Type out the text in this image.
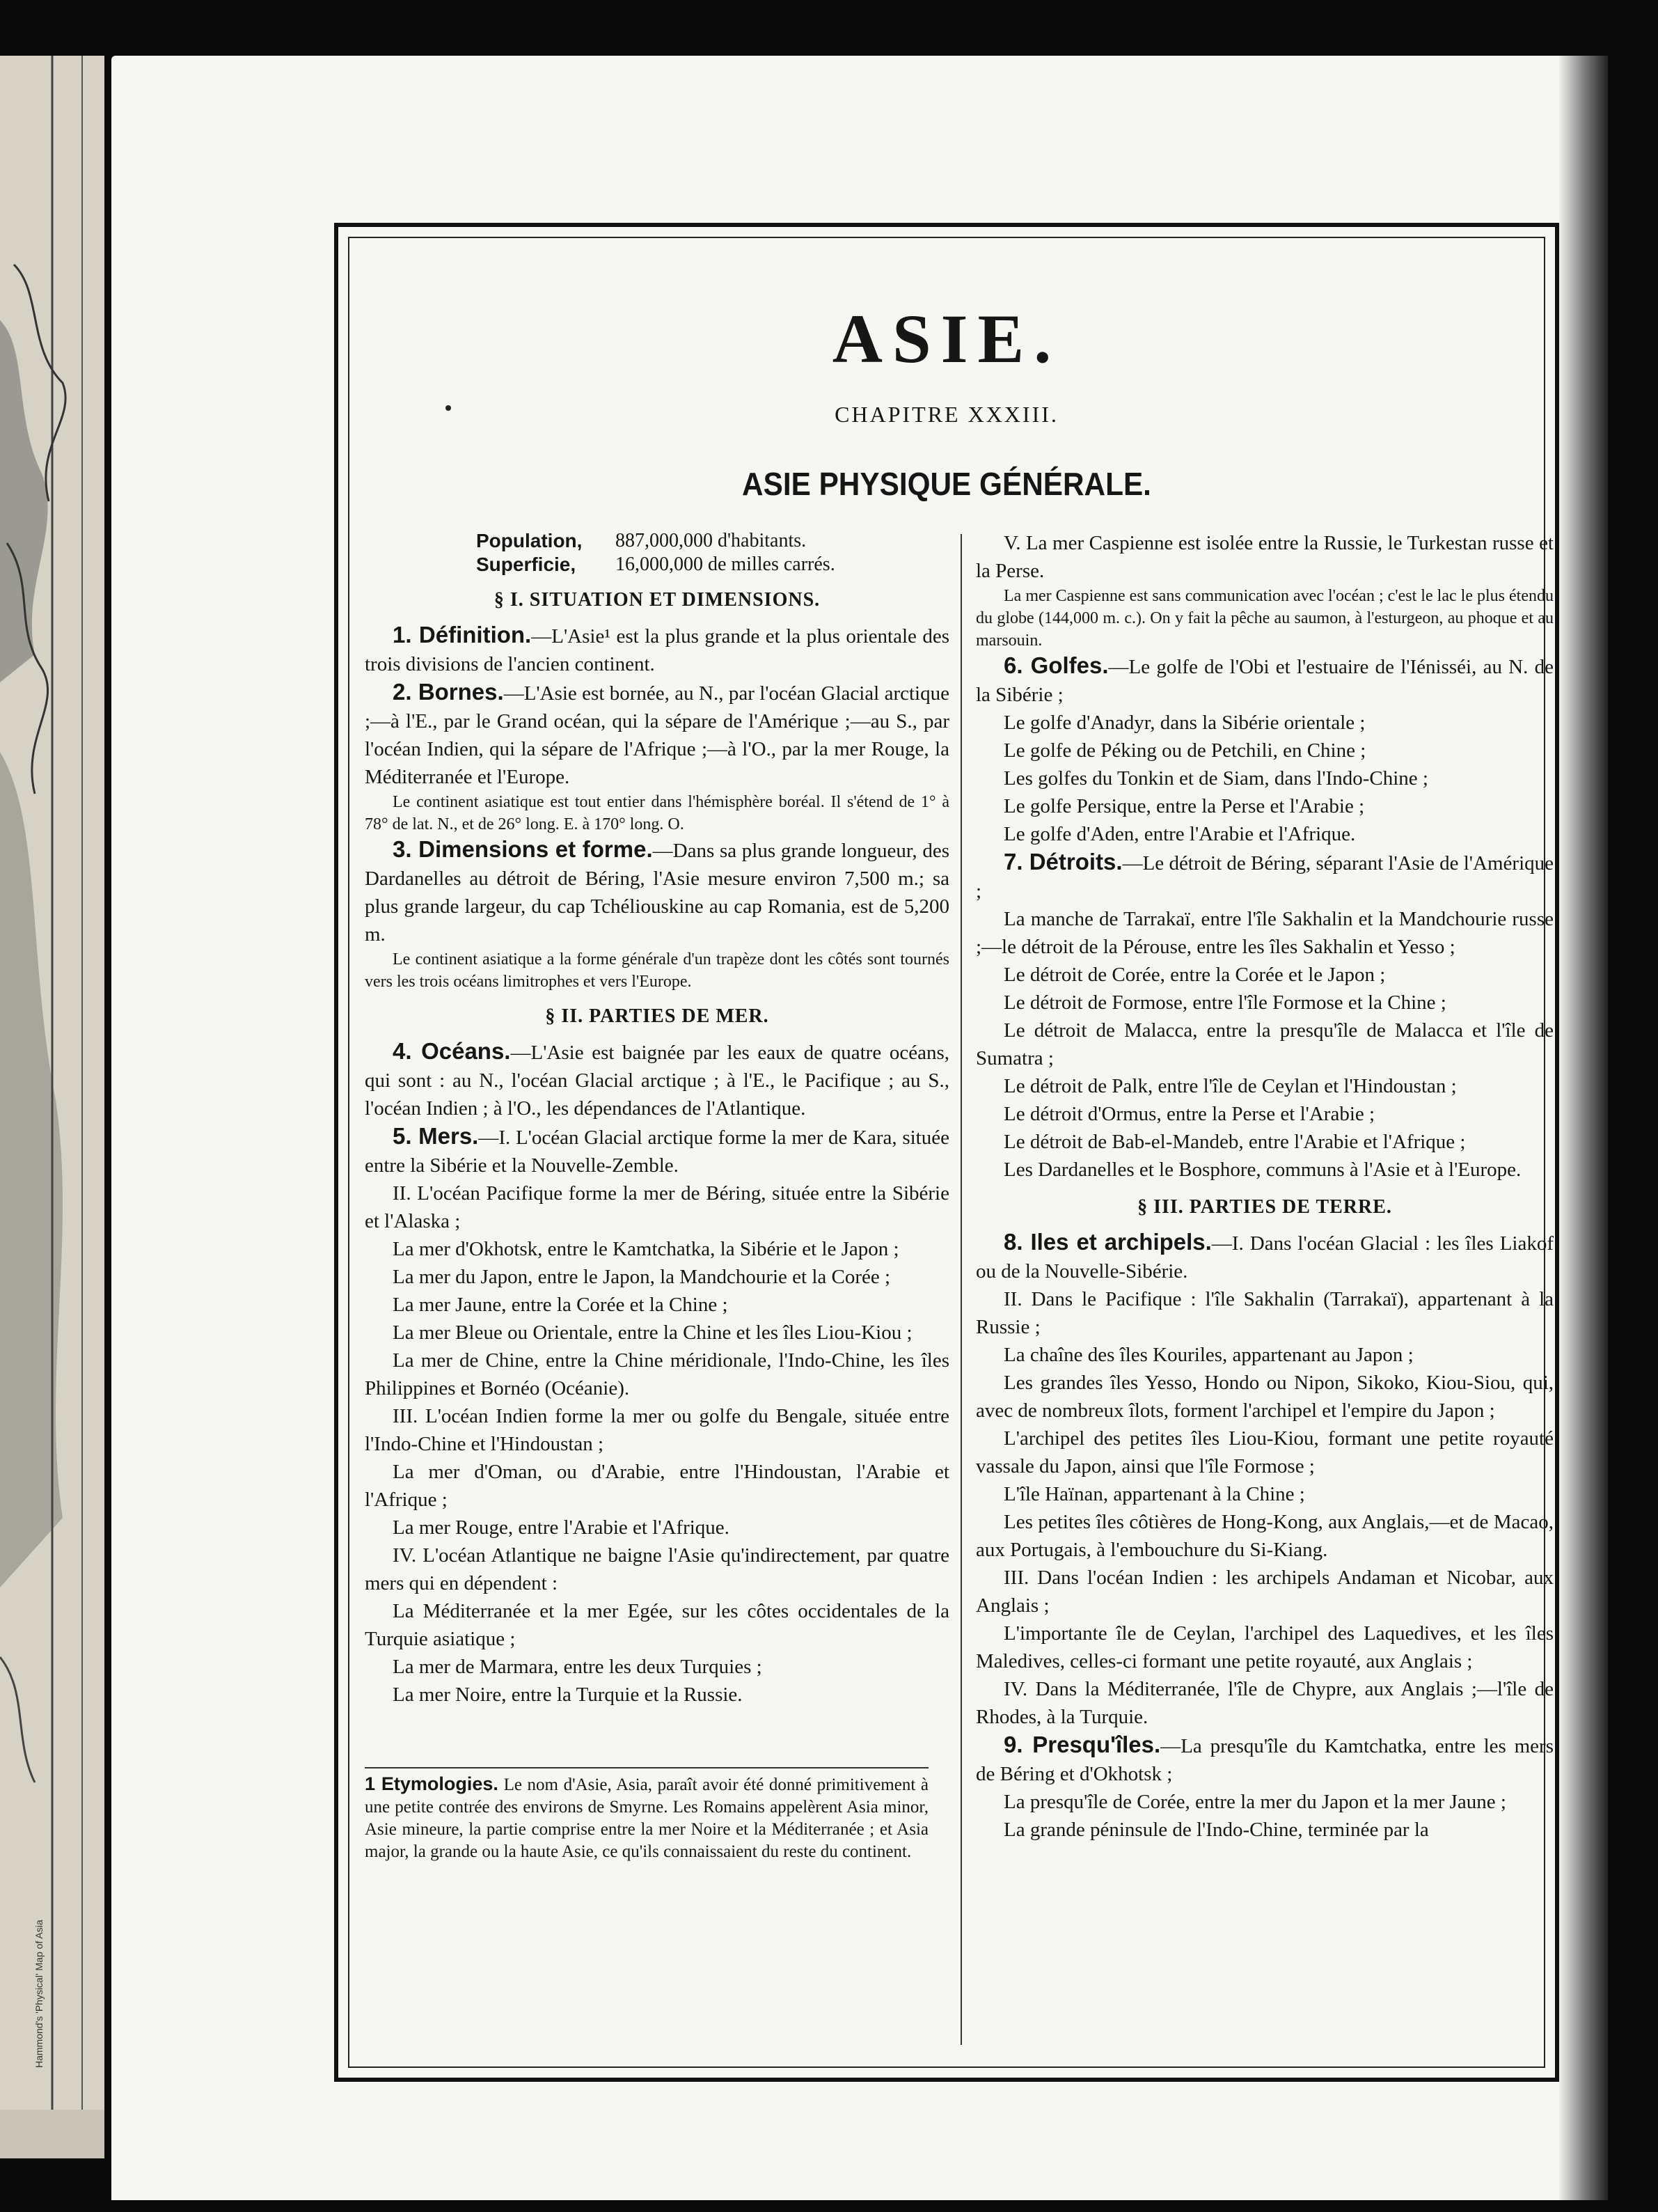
Hammond's 'Physical' Map of Asia
ASIE.
CHAPITRE XXXIII.
ASIE PHYSIQUE GÉNÉRALE.
Population,	887,000,000 d'habitants.
Superficie,	16,000,000 de milles carrés.

§ I. SITUATION ET DIMENSIONS.

1. Définition.—L'Asie¹ est la plus grande et la plus orientale des trois divisions de l'ancien continent.

2. Bornes.—L'Asie est bornée, au N., par l'océan Glacial arctique ;—à l'E., par le Grand océan, qui la sépare de l'Amérique ;—au S., par l'océan Indien, qui la sépare de l'Afrique ;—à l'O., par la mer Rouge, la Méditerranée et l'Europe.

Le continent asiatique est tout entier dans l'hémisphère boréal. Il s'étend de 1° à 78° de lat. N., et de 26° long. E. à 170° long. O.

3. Dimensions et forme.—Dans sa plus grande longueur, des Dardanelles au détroit de Béring, l'Asie mesure environ 7,500 m.; sa plus grande largeur, du cap Tchéliouskine au cap Romania, est de 5,200 m.

Le continent asiatique a la forme générale d'un trapèze dont les côtés sont tournés vers les trois océans limitrophes et vers l'Europe.

§ II. PARTIES DE MER.

4. Océans.—L'Asie est baignée par les eaux de quatre océans, qui sont : au N., l'océan Glacial arctique ; à l'E., le Pacifique ; au S., l'océan Indien ; à l'O., les dépendances de l'Atlantique.

5. Mers.—I. L'océan Glacial arctique forme la mer de Kara, située entre la Sibérie et la Nouvelle-Zemble.

II. L'océan Pacifique forme la mer de Béring, située entre la Sibérie et l'Alaska ;

La mer d'Okhotsk, entre le Kamtchatka, la Sibérie et le Japon ;

La mer du Japon, entre le Japon, la Mandchourie et la Corée ;

La mer Jaune, entre la Corée et la Chine ;

La mer Bleue ou Orientale, entre la Chine et les îles Liou-Kiou ;

La mer de Chine, entre la Chine méridionale, l'Indo-Chine, les îles Philippines et Bornéo (Océanie).

III. L'océan Indien forme la mer ou golfe du Bengale, située entre l'Indo-Chine et l'Hindoustan ;

La mer d'Oman, ou d'Arabie, entre l'Hindoustan, l'Arabie et l'Afrique ;

La mer Rouge, entre l'Arabie et l'Afrique.

IV. L'océan Atlantique ne baigne l'Asie qu'indirectement, par quatre mers qui en dépendent :

La Méditerranée et la mer Egée, sur les côtes occidentales de la Turquie asiatique ;

La mer de Marmara, entre les deux Turquies ;

La mer Noire, entre la Turquie et la Russie.

1 Etymologies. Le nom d'Asie, Asia, paraît avoir été donné primitivement à une petite contrée des environs de Smyrne. Les Romains appelèrent Asia minor, Asie mineure, la partie comprise entre la mer Noire et la Méditerranée ; et Asia major, la grande ou la haute Asie, ce qu'ils connaissaient du reste du continent.

V. La mer Caspienne est isolée entre la Russie, le Turkestan russe et la Perse.

La mer Caspienne est sans communication avec l'océan ; c'est le lac le plus étendu du globe (144,000 m. c.). On y fait la pêche au saumon, à l'esturgeon, au phoque et au marsouin.

6. Golfes.—Le golfe de l'Obi et l'estuaire de l'Iénisséi, au N. de la Sibérie ;

Le golfe d'Anadyr, dans la Sibérie orientale ;

Le golfe de Péking ou de Petchili, en Chine ;

Les golfes du Tonkin et de Siam, dans l'Indo-Chine ;

Le golfe Persique, entre la Perse et l'Arabie ;

Le golfe d'Aden, entre l'Arabie et l'Afrique.

7. Détroits.—Le détroit de Béring, séparant l'Asie de l'Amérique ;

La manche de Tarrakaï, entre l'île Sakhalin et la Mandchourie russe ;—le détroit de la Pérouse, entre les îles Sakhalin et Yesso ;

Le détroit de Corée, entre la Corée et le Japon ;

Le détroit de Formose, entre l'île Formose et la Chine ;

Le détroit de Malacca, entre la presqu'île de Malacca et l'île de Sumatra ;

Le détroit de Palk, entre l'île de Ceylan et l'Hindoustan ;

Le détroit d'Ormus, entre la Perse et l'Arabie ;

Le détroit de Bab-el-Mandeb, entre l'Arabie et l'Afrique ;

Les Dardanelles et le Bosphore, communs à l'Asie et à l'Europe.

§ III. PARTIES DE TERRE.

8. Iles et archipels.—I. Dans l'océan Glacial : les îles Liakof ou de la Nouvelle-Sibérie.

II. Dans le Pacifique : l'île Sakhalin (Tarrakaï), appartenant à la Russie ;

La chaîne des îles Kouriles, appartenant au Japon ;

Les grandes îles Yesso, Hondo ou Nipon, Sikoko, Kiou-Siou, qui, avec de nombreux îlots, forment l'archipel et l'empire du Japon ;

L'archipel des petites îles Liou-Kiou, formant une petite royauté vassale du Japon, ainsi que l'île Formose ;

L'île Haïnan, appartenant à la Chine ;

Les petites îles côtières de Hong-Kong, aux Anglais,—et de Macao, aux Portugais, à l'embouchure du Si-Kiang.

III. Dans l'océan Indien : les archipels Andaman et Nicobar, aux Anglais ;

L'importante île de Ceylan, l'archipel des Laquedives, et les îles Maledives, celles-ci formant une petite royauté, aux Anglais ;

IV. Dans la Méditerranée, l'île de Chypre, aux Anglais ;—l'île de Rhodes, à la Turquie.

9. Presqu'îles.—La presqu'île du Kamtchatka, entre les mers de Béring et d'Okhotsk ;

La presqu'île de Corée, entre la mer du Japon et la mer Jaune ;

La grande péninsule de l'Indo-Chine, terminée par la
